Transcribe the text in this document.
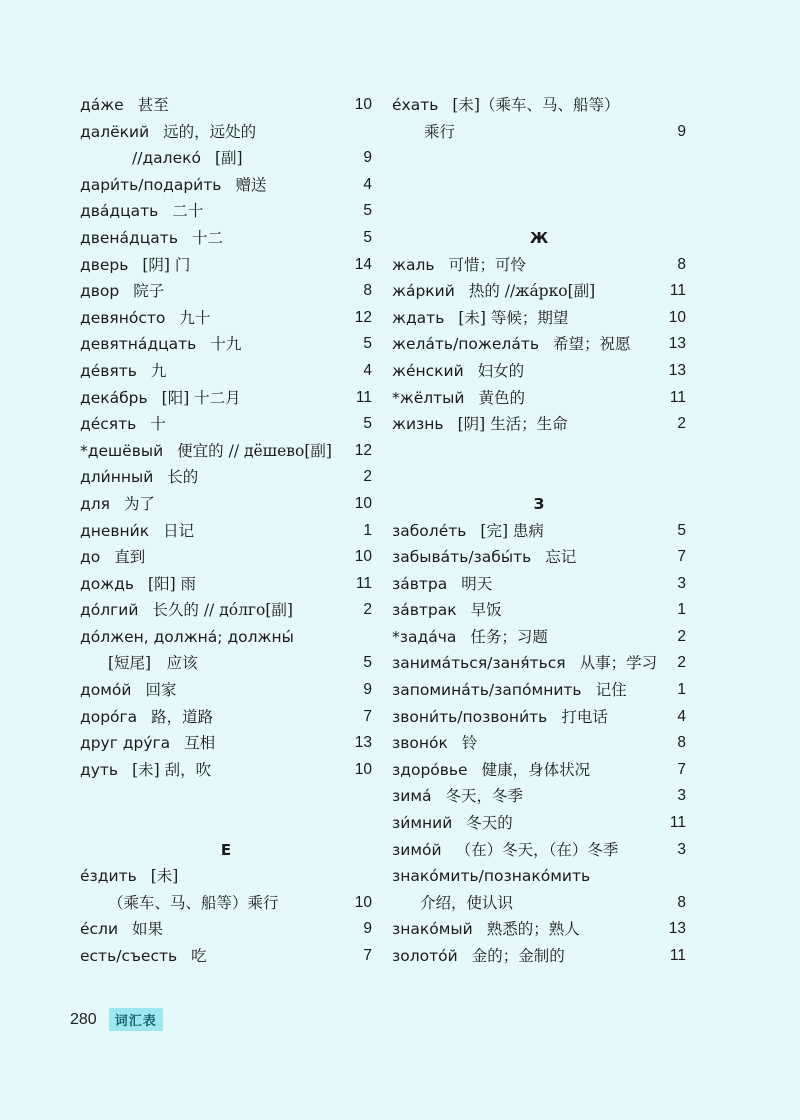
да́же 甚至	10
далёкий 远的，远处的
//далеко́ [副]	9
дари́ть/подари́ть 赠送	4
два́дцать 二十	5
двена́дцать 十二	5
дверь [阴] 门	14
двор 院子	8
девяно́сто 九十	12
девятна́дцать 十九	5
де́вять 九	4
дека́брь [阳] 十二月	11
де́сять 十	5
*дешёвый 便宜的 // дёшево[副] 12
дли́нный 长的	2
для 为了	10
дневни́к 日记	1
до 直到	10
дождь [阳] 雨	11
до́лгий 长久的 // до́лго[副]	2
до́лжен, должна́; должны́
[短尾]　应该	5
домо́й 回家	9
доро́га 路，道路	7
друг дру́га 互相	13
дуть [未] 刮，吹	10
Е
е́здить [未]
（乘车、马、船等）乘行	10
е́сли 如果	9
есть/съесть 吃	7
е́хать [未]（乘车、马、船等）
乘行	9
Ж
жаль 可惜；可怜	8
жа́ркий 热的 //жа́рко[副]	11
ждать [未] 等候；期望	10
жела́ть/пожела́ть 希望；祝愿 13
же́нский 妇女的	13
*жёлтый 黄色的	11
жизнь [阴] 生活；生命	2
З
заболе́ть [完] 患病	5
забыва́ть/забы́ть 忘记	7
за́втра 明天	3
за́втрак 早饭	1
*зада́ча 任务；习题	2
занима́ться/заня́ться 从事；学习 2
запомина́ть/запо́мнить 记住	1
звони́ть/позвони́ть 打电话	4
звоно́к 铃	8
здоро́вье 健康，身体状况	7
зима́ 冬天，冬季	3
зи́мний 冬天的	11
зимо́й （在）冬天，（在）冬季	3
знако́мить/познако́мить
介绍，使认识	8
знако́мый 熟悉的；熟人	13
золото́й 金的；金制的	11
280	词汇表
